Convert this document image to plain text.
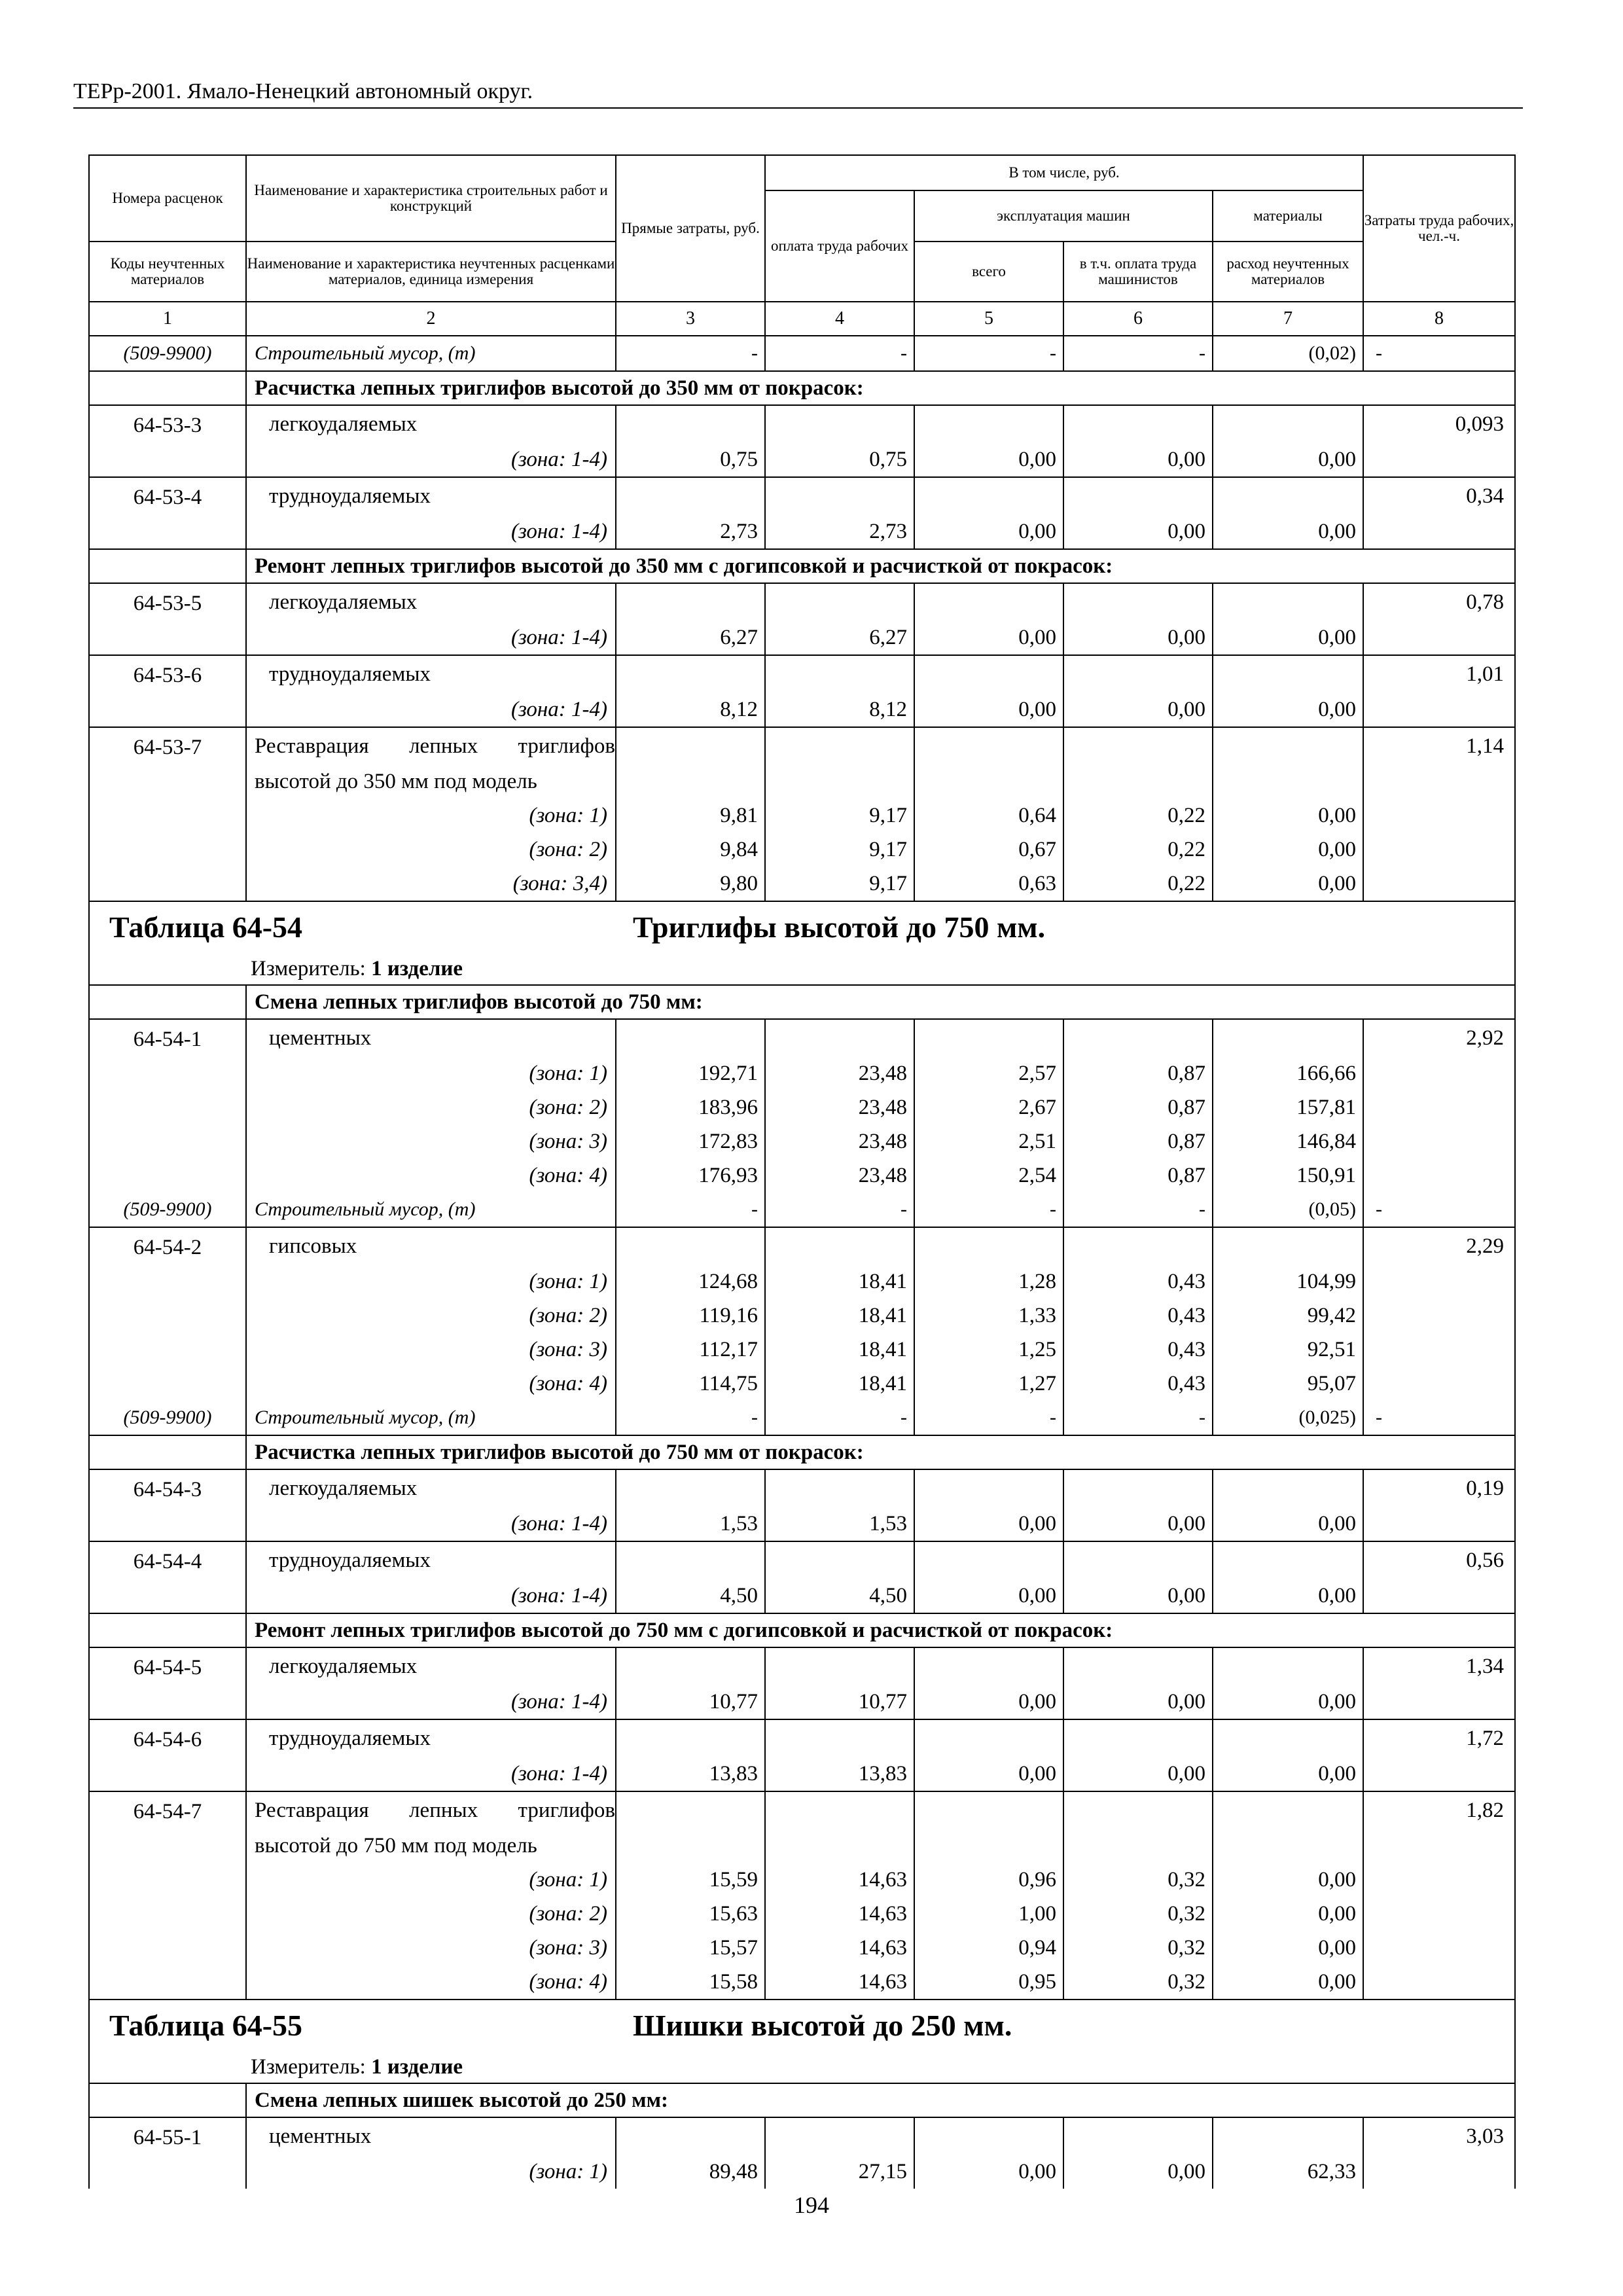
ТЕРр-2001. Ямало-Ненецкий автономный округ.
Номера расценок	Наименование и характеристика строительных работ и конструкций	Прямые затраты, руб.	В том числе, руб.				Затраты труда рабочих, чел.-ч.
			оплата труда рабочих	эксплуатация машин		материалы	
Коды неучтенных материалов	Наименование и характеристика неучтенных расценками материалов, единица измерения			всего	в т.ч. оплата труда машинистов	расход неучтенных материалов	
1	2	3	4	5	6	7	8
(509-9900)	Строительный мусор, (т)	-	-	-	-	(0,02)	-
	Расчистка лепных триглифов высотой до 350 мм от покрасок:						
64-53-3	легкоудаляемых						0,093
	(зона: 1-4)	0,75	0,75	0,00	0,00	0,00	
64-53-4	трудноудаляемых						0,34
	(зона: 1-4)	2,73	2,73	0,00	0,00	0,00	
	Ремонт лепных триглифов высотой до 350 мм с догипсовкой и расчисткой от покрасок:						
64-53-5	легкоудаляемых						0,78
	(зона: 1-4)	6,27	6,27	0,00	0,00	0,00	
64-53-6	трудноудаляемых						1,01
	(зона: 1-4)	8,12	8,12	0,00	0,00	0,00	
64-53-7	Реставрация лепных триглифов						1,14
	высотой до 350 мм под модель						
	(зона: 1)	9,81	9,17	0,64	0,22	0,00	
	(зона: 2)	9,84	9,17	0,67	0,22	0,00	
	(зона: 3,4)	9,80	9,17	0,63	0,22	0,00	
Таблица 64-54 Триглифы высотой до 750 мм.							
Измеритель: 1 изделие							
	Смена лепных триглифов высотой до 750 мм:						
64-54-1	цементных						2,92
	(зона: 1)	192,71	23,48	2,57	0,87	166,66	
	(зона: 2)	183,96	23,48	2,67	0,87	157,81	
	(зона: 3)	172,83	23,48	2,51	0,87	146,84	
	(зона: 4)	176,93	23,48	2,54	0,87	150,91	
(509-9900)	Строительный мусор, (т)	-	-	-	-	(0,05)	-
64-54-2	гипсовых						2,29
	(зона: 1)	124,68	18,41	1,28	0,43	104,99	
	(зона: 2)	119,16	18,41	1,33	0,43	99,42	
	(зона: 3)	112,17	18,41	1,25	0,43	92,51	
	(зона: 4)	114,75	18,41	1,27	0,43	95,07	
(509-9900)	Строительный мусор, (т)	-	-	-	-	(0,025)	-
	Расчистка лепных триглифов высотой до 750 мм от покрасок:						
64-54-3	легкоудаляемых						0,19
	(зона: 1-4)	1,53	1,53	0,00	0,00	0,00	
64-54-4	трудноудаляемых						0,56
	(зона: 1-4)	4,50	4,50	0,00	0,00	0,00	
	Ремонт лепных триглифов высотой до 750 мм с догипсовкой и расчисткой от покрасок:						
64-54-5	легкоудаляемых						1,34
	(зона: 1-4)	10,77	10,77	0,00	0,00	0,00	
64-54-6	трудноудаляемых						1,72
	(зона: 1-4)	13,83	13,83	0,00	0,00	0,00	
64-54-7	Реставрация лепных триглифов						1,82
	высотой до 750 мм под модель						
	(зона: 1)	15,59	14,63	0,96	0,32	0,00	
	(зона: 2)	15,63	14,63	1,00	0,32	0,00	
	(зона: 3)	15,57	14,63	0,94	0,32	0,00	
	(зона: 4)	15,58	14,63	0,95	0,32	0,00	
Таблица 64-55 Шишки высотой до 250 мм.							
Измеритель: 1 изделие							
	Смена лепных шишек высотой до 250 мм:						
64-55-1	цементных						3,03
	(зона: 1)	89,48	27,15	0,00	0,00	62,33	
194
